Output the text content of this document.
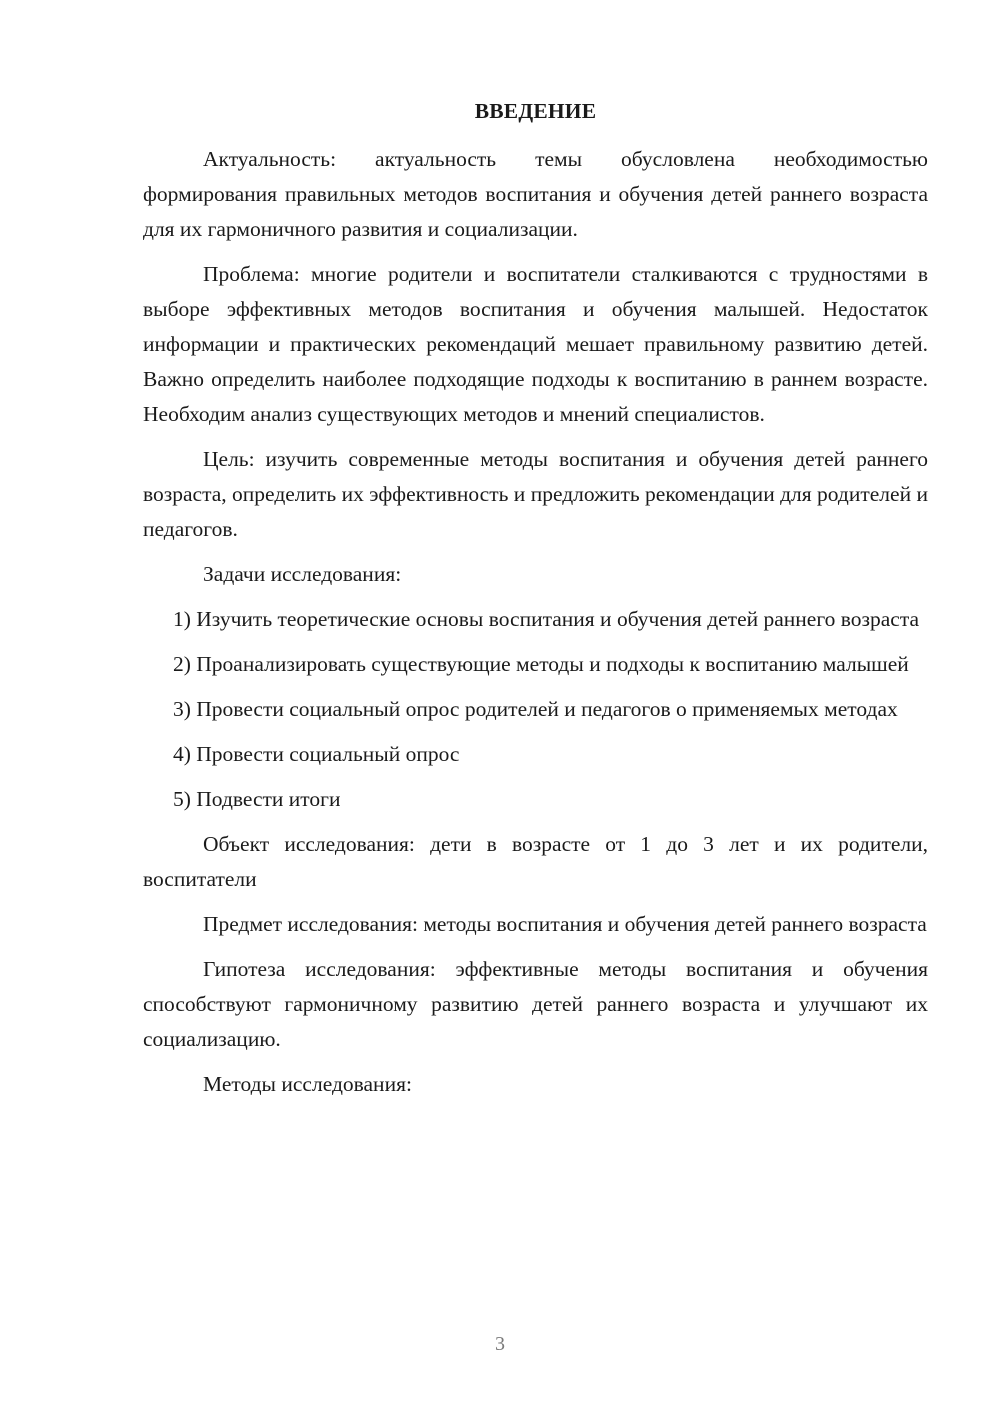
ВВЕДЕНИЕ

Актуальность: актуальность темы обусловлена необходимостью формирования правильных методов воспитания и обучения детей раннего возраста для их гармоничного развития и социализации.

Проблема: многие родители и воспитатели сталкиваются с трудностями в выборе эффективных методов воспитания и обучения малышей. Недостаток информации и практических рекомендаций мешает правильному развитию детей. Важно определить наиболее подходящие подходы к воспитанию в раннем возрасте. Необходим анализ существующих методов и мнений специалистов.

Цель: изучить современные методы воспитания и обучения детей раннего возраста, определить их эффективность и предложить рекомендации для родителей и педагогов.

Задачи исследования:

1) Изучить теоретические основы воспитания и обучения детей раннего возраста

2) Проанализировать существующие методы и подходы к воспитанию малышей

3) Провести социальный опрос родителей и педагогов о применяемых методах

4) Провести социальный опрос

5) Подвести итоги

Объект исследования: дети в возрасте от 1 до 3 лет и их родители, воспитатели

Предмет исследования: методы воспитания и обучения детей раннего возраста

Гипотеза исследования: эффективные методы воспитания и обучения способствуют гармоничному развитию детей раннего возраста и улучшают их социализацию.

Методы исследования:

3
